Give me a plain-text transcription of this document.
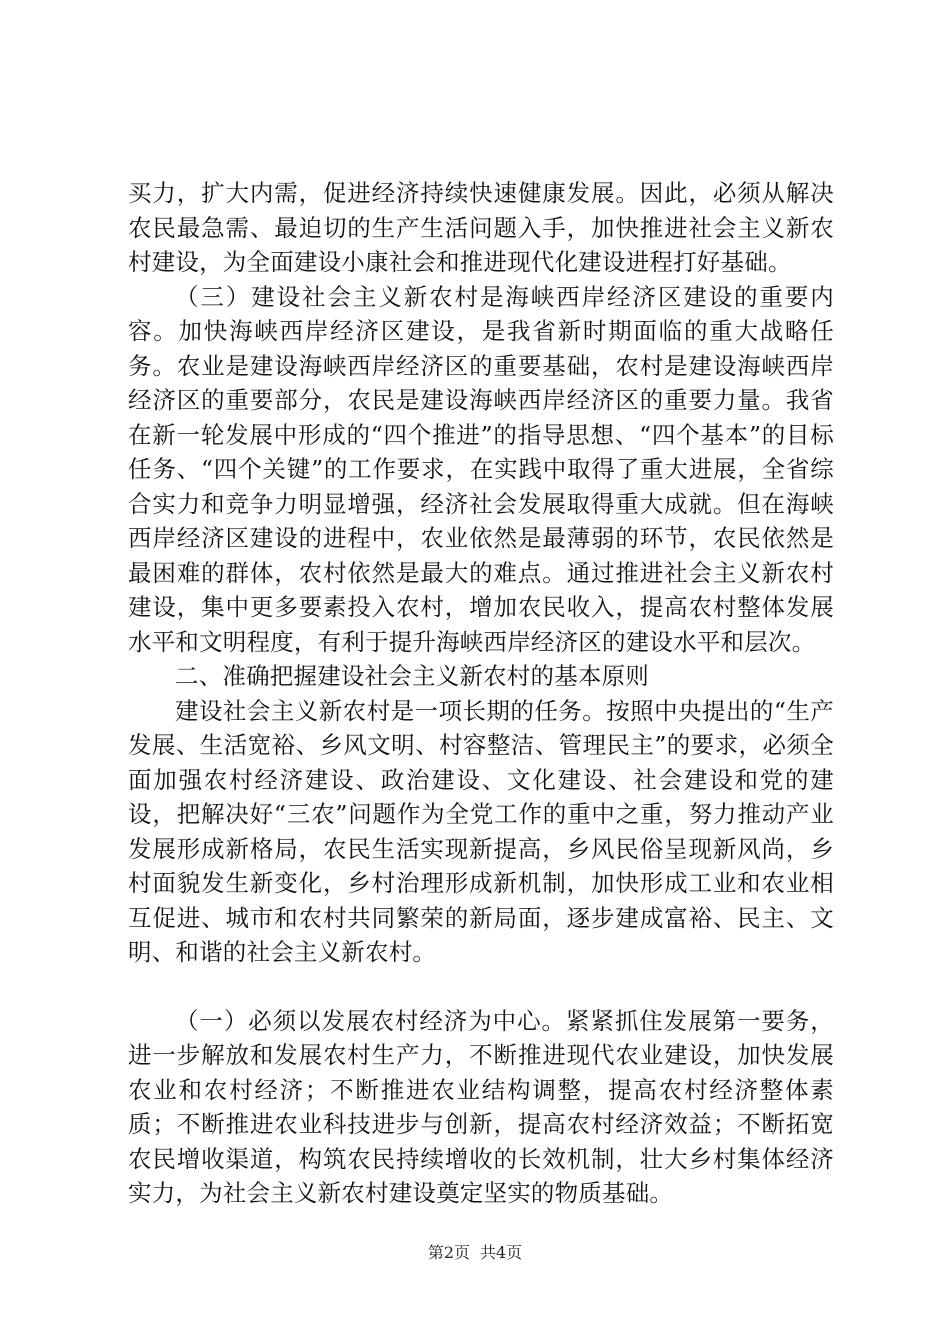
买力，扩大内需，促进经济持续快速健康发展。因此，必须从解决农民最急需、最迫切的生产生活问题入手，加快推进社会主义新农村建设，为全面建设小康社会和推进现代化建设进程打好基础。

（三）建设社会主义新农村是海峡西岸经济区建设的重要内容。加快海峡西岸经济区建设，是我省新时期面临的重大战略任务。农业是建设海峡西岸经济区的重要基础，农村是建设海峡西岸经济区的重要部分，农民是建设海峡西岸经济区的重要力量。我省在新一轮发展中形成的“四个推进”的指导思想、“四个基本”的目标任务、“四个关键”的工作要求，在实践中取得了重大进展，全省综合实力和竞争力明显增强，经济社会发展取得重大成就。但在海峡西岸经济区建设的进程中，农业依然是最薄弱的环节，农民依然是最困难的群体，农村依然是最大的难点。通过推进社会主义新农村建设，集中更多要素投入农村，增加农民收入，提高农村整体发展水平和文明程度，有利于提升海峡西岸经济区的建设水平和层次。

二、准确把握建设社会主义新农村的基本原则

建设社会主义新农村是一项长期的任务。按照中央提出的“生产发展、生活宽裕、乡风文明、村容整洁、管理民主”的要求，必须全面加强农村经济建设、政治建设、文化建设、社会建设和党的建设，把解决好“三农”问题作为全党工作的重中之重，努力推动产业发展形成新格局，农民生活实现新提高，乡风民俗呈现新风尚，乡村面貌发生新变化，乡村治理形成新机制，加快形成工业和农业相互促进、城市和农村共同繁荣的新局面，逐步建成富裕、民主、文明、和谐的社会主义新农村。

（一）必须以发展农村经济为中心。紧紧抓住发展第一要务，进一步解放和发展农村生产力，不断推进现代农业建设，加快发展农业和农村经济；不断推进农业结构调整，提高农村经济整体素质；不断推进农业科技进步与创新，提高农村经济效益；不断拓宽农民增收渠道，构筑农民持续增收的长效机制，壮大乡村集体经济实力，为社会主义新农村建设奠定坚实的物质基础。

第2页 共4页
